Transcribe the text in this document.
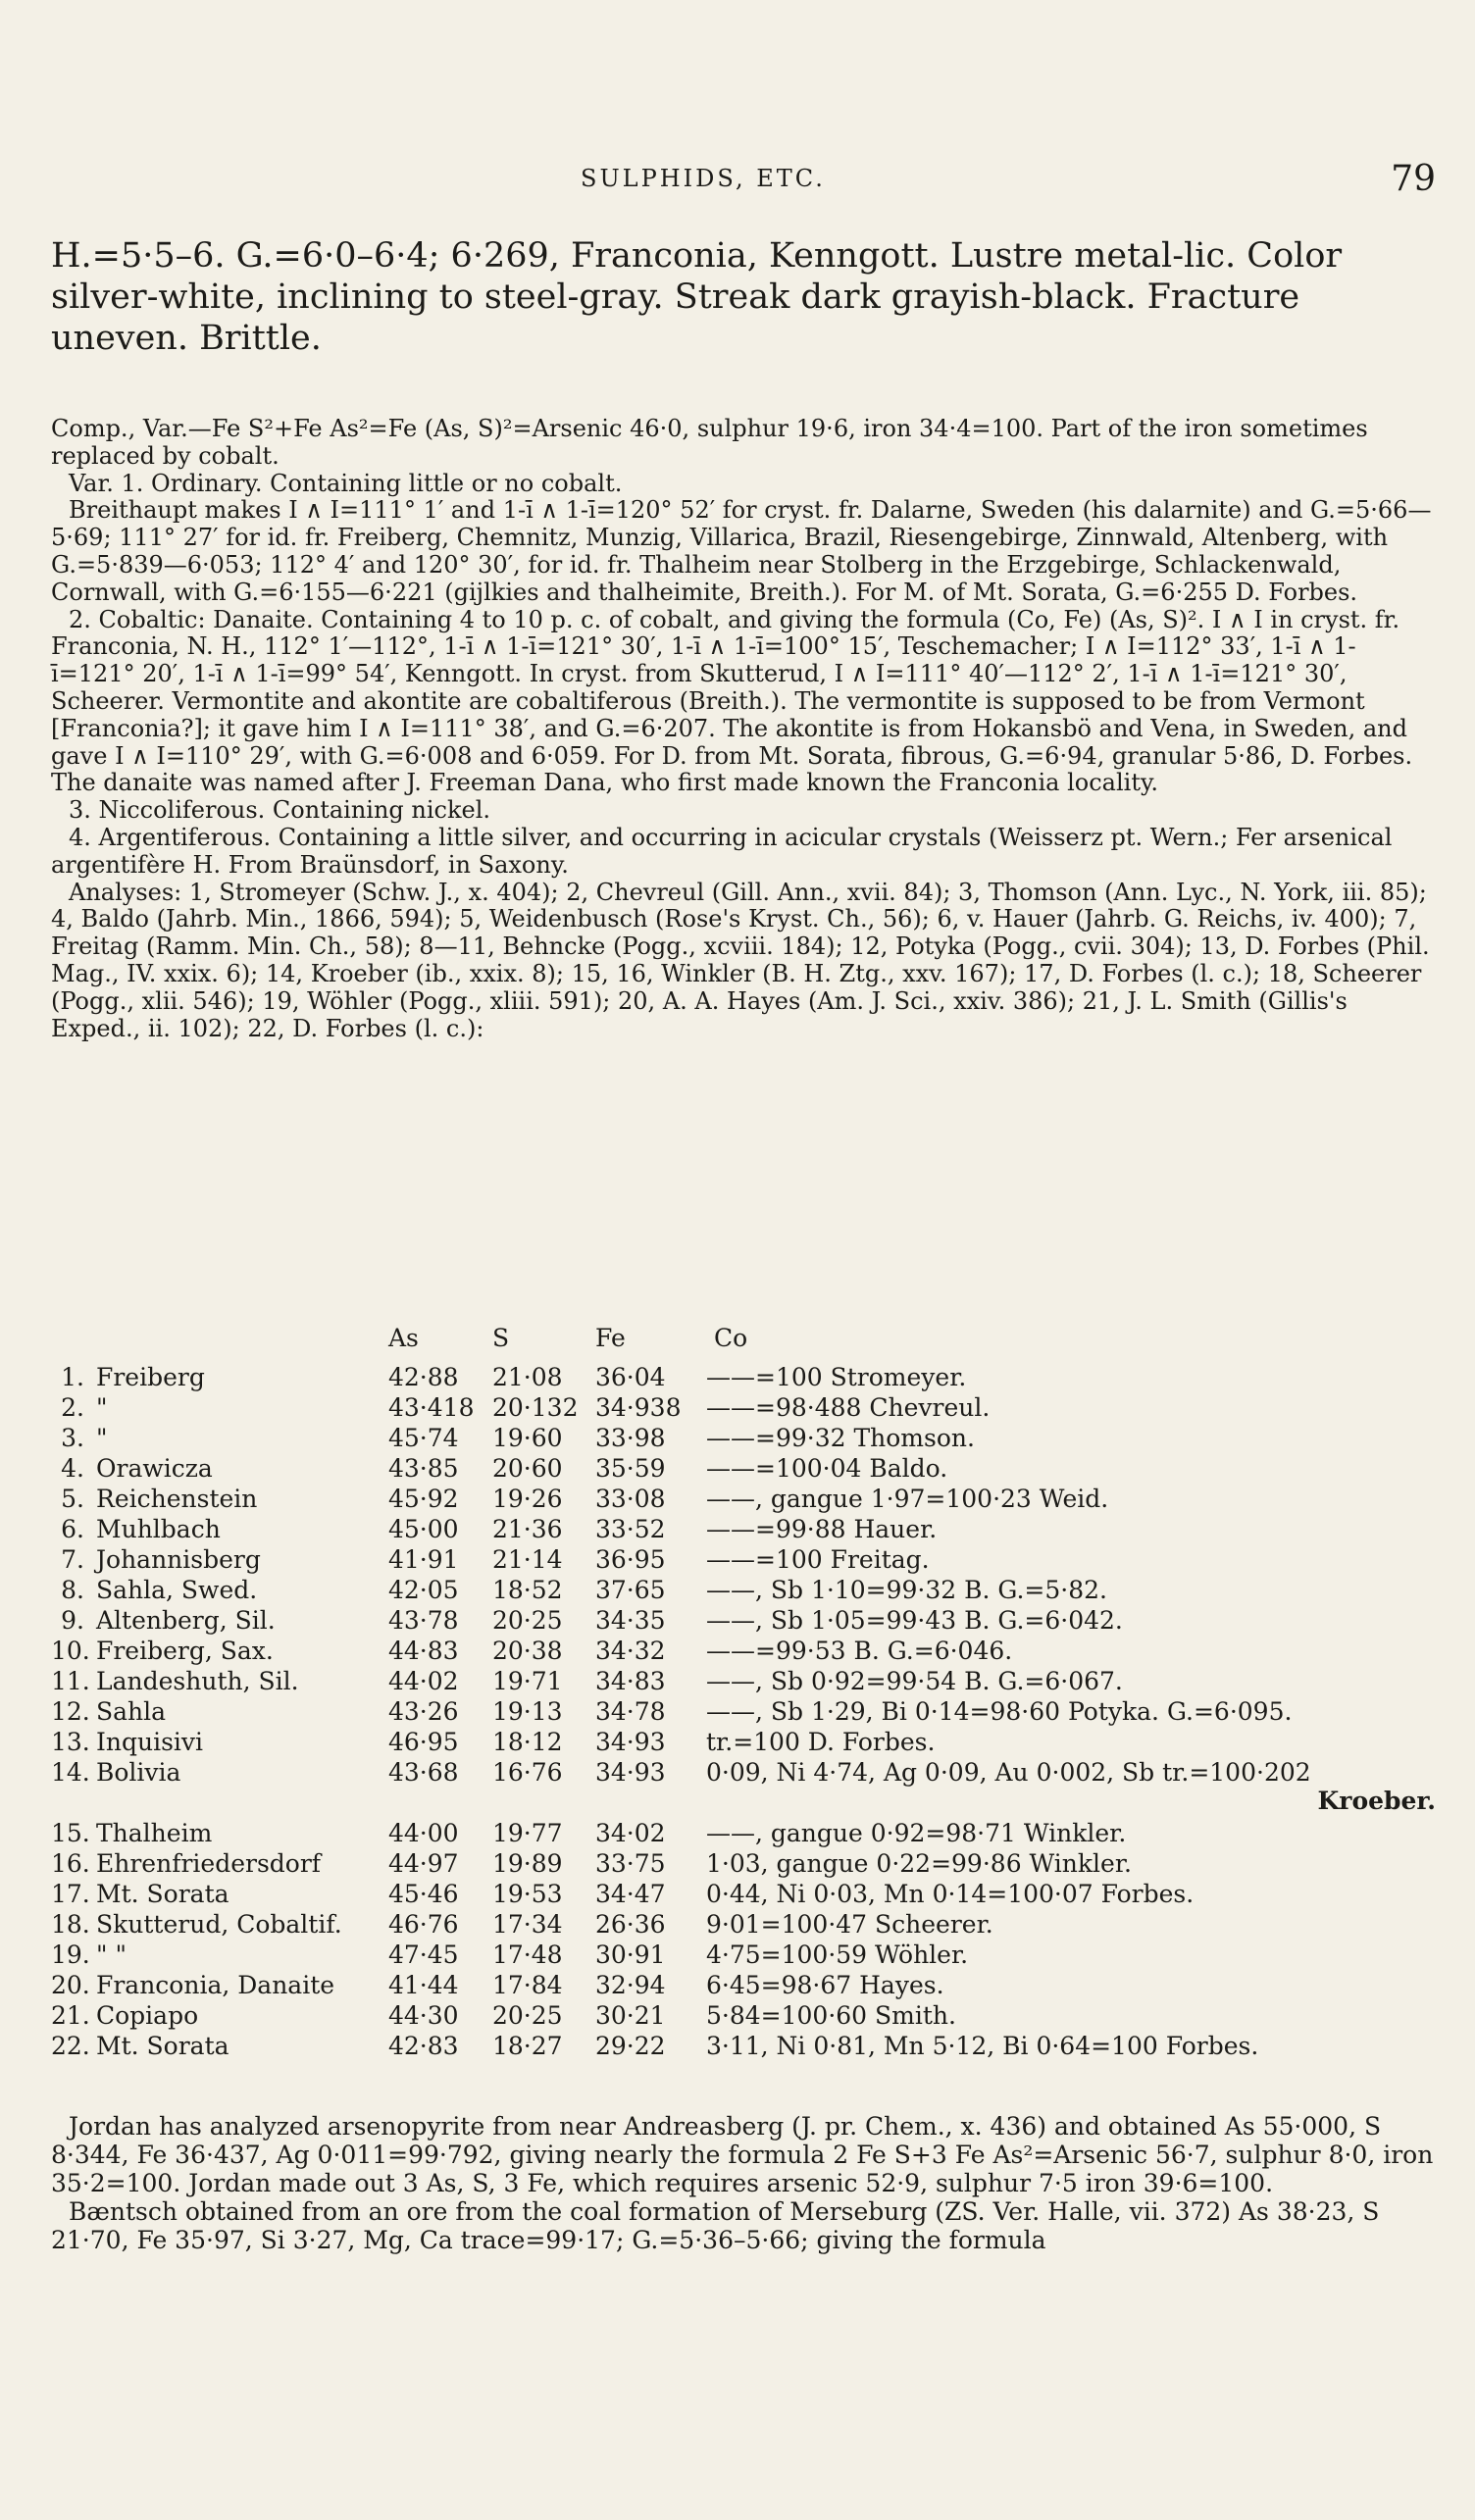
SULPHIDS, ETC.	79

H.=5·5–6. G.=6·0–6·4; 6·269, Franconia, Kenngott. Lustre metal-lic. Color silver-white, inclining to steel-gray. Streak dark grayish-black. Fracture uneven. Brittle.

Comp., Var.—Fe S²+Fe As²=Fe (As, S)²=Arsenic 46·0, sulphur 19·6, iron 34·4=100. Part of the iron sometimes replaced by cobalt.

Var. 1. Ordinary. Containing little or no cobalt.

Breithaupt makes I ∧ I=111° 1′ and 1-ī ∧ 1-ī=120° 52′ for cryst. fr. Dalarne, Sweden (his dalarnite) and G.=5·66—5·69; 111° 27′ for id. fr. Freiberg, Chemnitz, Munzig, Villarica, Brazil, Riesengebirge, Zinnwald, Altenberg, with G.=5·839—6·053; 112° 4′ and 120° 30′, for id. fr. Thalheim near Stolberg in the Erzgebirge, Schlackenwald, Cornwall, with G.=6·155—6·221 (gijlkies and thalheimite, Breith.). For M. of Mt. Sorata, G.=6·255 D. Forbes.

2. Cobaltic: Danaite. Containing 4 to 10 p. c. of cobalt, and giving the formula (Co, Fe) (As, S)². I ∧ I in cryst. fr. Franconia, N. H., 112° 1′—112°, 1-ī ∧ 1-ī=121° 30′, 1-ī ∧ 1-ī=100° 15′, Teschemacher; I ∧ I=112° 33′, 1-ī ∧ 1-ī=121° 20′, 1-ī ∧ 1-ī=99° 54′, Kenngott. In cryst. from Skutterud, I ∧ I=111° 40′—112° 2′, 1-ī ∧ 1-ī=121° 30′, Scheerer. Vermontite and akontite are cobaltiferous (Breith.). The vermontite is supposed to be from Vermont [Franconia?]; it gave him I ∧ I=111° 38′, and G.=6·207. The akontite is from Hokansbö and Vena, in Sweden, and gave I ∧ I=110° 29′, with G.=6·008 and 6·059. For D. from Mt. Sorata, fibrous, G.=6·94, granular 5·86, D. Forbes. The danaite was named after J. Freeman Dana, who first made known the Franconia locality.

3. Niccoliferous. Containing nickel.

4. Argentiferous. Containing a little silver, and occurring in acicular crystals (Weisserz pt. Wern.; Fer arsenical argentifère H. From Braünsdorf, in Saxony.

Analyses: 1, Stromeyer (Schw. J., x. 404); 2, Chevreul (Gill. Ann., xvii. 84); 3, Thomson (Ann. Lyc., N. York, iii. 85); 4, Baldo (Jahrb. Min., 1866, 594); 5, Weidenbusch (Rose's Kryst. Ch., 56); 6, v. Hauer (Jahrb. G. Reichs, iv. 400); 7, Freitag (Ramm. Min. Ch., 58); 8—11, Behncke (Pogg., xcviii. 184); 12, Potyka (Pogg., cvii. 304); 13, D. Forbes (Phil. Mag., IV. xxix. 6); 14, Kroeber (ib., xxix. 8); 15, 16, Winkler (B. H. Ztg., xxv. 167); 17, D. Forbes (l. c.); 18, Scheerer (Pogg., xlii. 546); 19, Wöhler (Pogg., xliii. 591); 20, A. A. Hayes (Am. J. Sci., xxiv. 386); 21, J. L. Smith (Gillis's Exped., ii. 102); 22, D. Forbes (l. c.):

As	S	Fe	Co
1. Freiberg	42·88 21·08 36·04 ——=100 Stromeyer.
2. "	43·418 20·132 34·938 ——=98·488 Chevreul.
3. "	45·74 19·60 33·98 ——=99·32 Thomson.
4. Orawicza	43·85 20·60 35·59 ——=100·04 Baldo.
5. Reichenstein	45·92 19·26 33·08 ——, gangue 1·97=100·23 Weid.
6. Muhlbach	45·00 21·36 33·52 ——=99·88 Hauer.
7. Johannisberg	41·91 21·14 36·95 ——=100 Freitag.
8. Sahla, Swed.	42·05 18·52 37·65 ——, Sb 1·10=99·32 B. G.=5·82.
9. Altenberg, Sil.	43·78 20·25 34·35 ——, Sb 1·05=99·43 B. G.=6·042.
10. Freiberg, Sax.	44·83 20·38 34·32 ——=99·53 B. G.=6·046.
11. Landeshuth, Sil.	44·02 19·71 34·83 ——, Sb 0·92=99·54 B. G.=6·067.
12. Sahla	43·26 19·13 34·78 ——, Sb 1·29, Bi 0·14=98·60 Potyka. G.=6·095.
13. Inquisivi	46·95 18·12 34·93 tr.=100 D. Forbes.
14. Bolivia	43·68 16·76 34·93 0·09, Ni 4·74, Ag 0·09, Au 0·002, Sb tr.=100·202
Kroeber.
15. Thalheim	44·00 19·77 34·02 ——, gangue 0·92=98·71 Winkler.
16. Ehrenfriedersdorf	44·97 19·89 33·75 1·03, gangue 0·22=99·86 Winkler.
17. Mt. Sorata	45·46 19·53 34·47 0·44, Ni 0·03, Mn 0·14=100·07 Forbes.
18. Skutterud, Cobaltif. 46·76 17·34 26·36 9·01=100·47 Scheerer.
19. " "	47·45 17·48 30·91 4·75=100·59 Wöhler.
20. Franconia, Danaite 41·44 17·84 32·94 6·45=98·67 Hayes.
21. Copiapo	44·30 20·25 30·21 5·84=100·60 Smith.
22. Mt. Sorata	42·83 18·27 29·22 3·11, Ni 0·81, Mn 5·12, Bi 0·64=100 Forbes.

Jordan has analyzed arsenopyrite from near Andreasberg (J. pr. Chem., x. 436) and obtained As 55·000, S 8·344, Fe 36·437, Ag 0·011=99·792, giving nearly the formula 2 Fe S+3 Fe As²=Arsenic 56·7, sulphur 8·0, iron 35·2=100. Jordan made out 3 As, S, 3 Fe, which requires arsenic 52·9, sulphur 7·5 iron 39·6=100.

Bæntsch obtained from an ore from the coal formation of Merseburg (ZS. Ver. Halle, vii. 372) As 38·23, S 21·70, Fe 35·97, Si 3·27, Mg, Ca trace=99·17; G.=5·36–5·66; giving the formula
